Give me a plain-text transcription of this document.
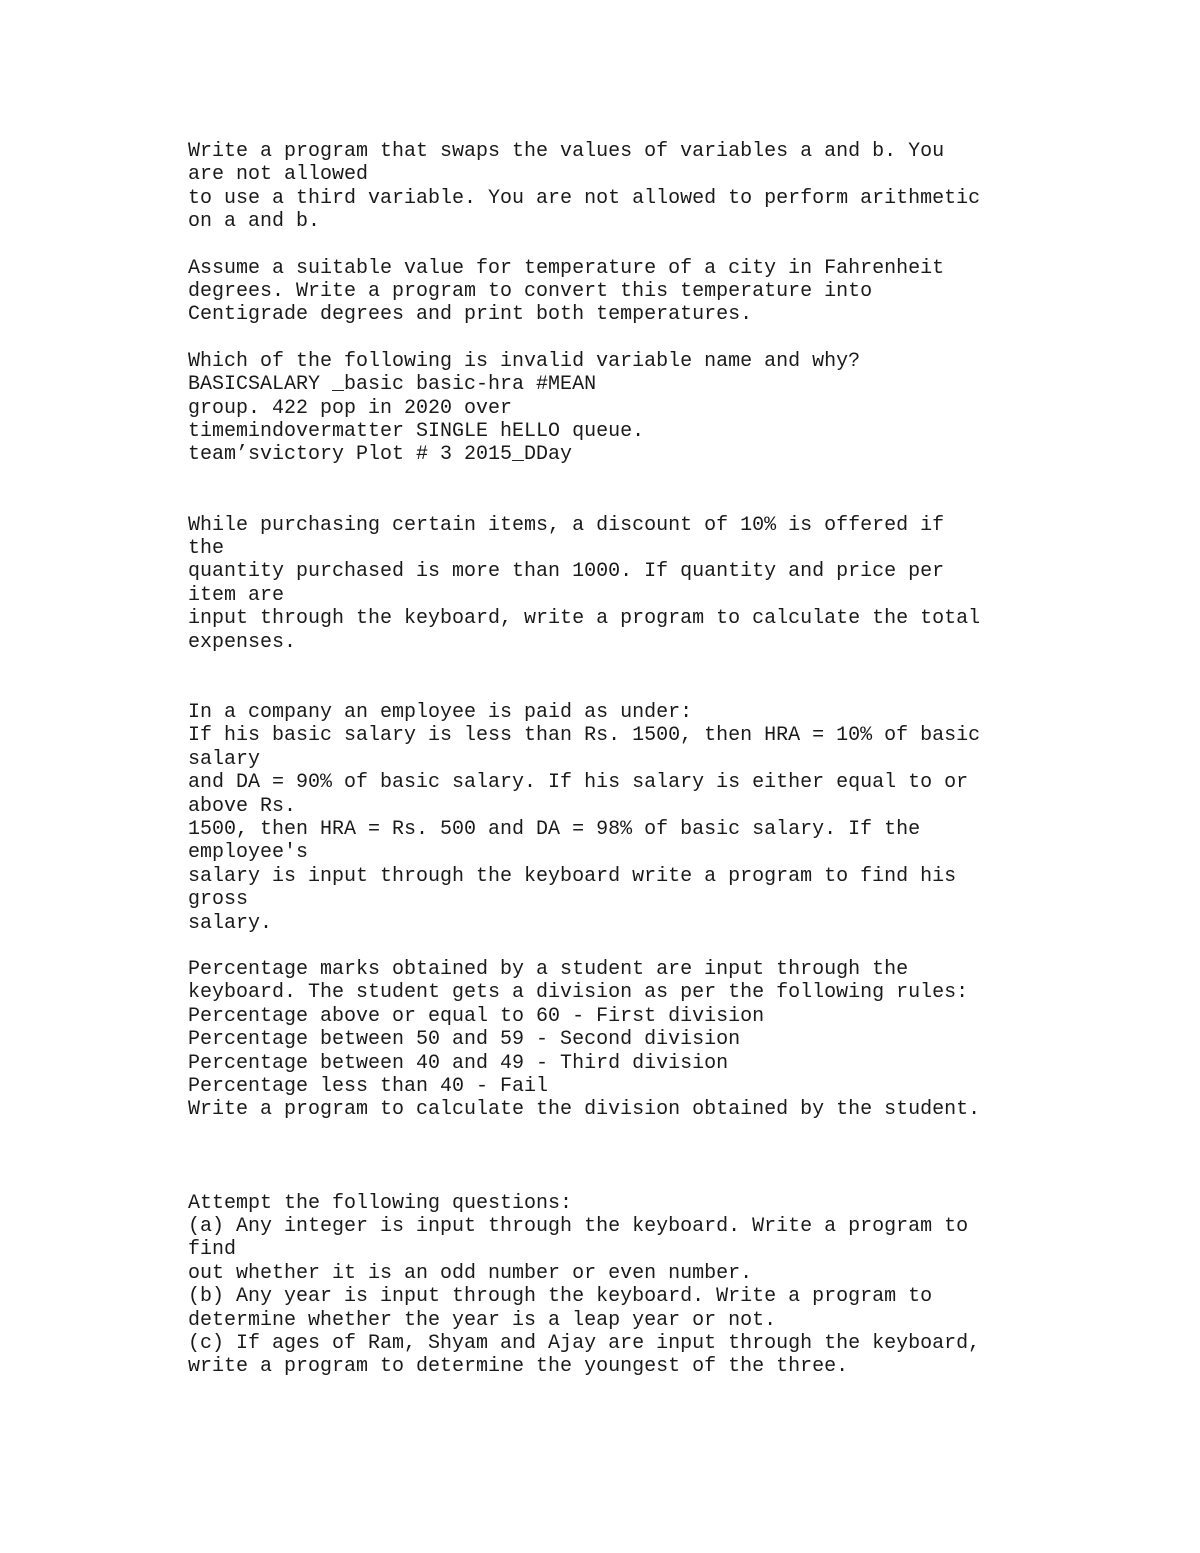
Write a program that swaps the values of variables a and b. You
are not allowed
to use a third variable. You are not allowed to perform arithmetic
on a and b.
Assume a suitable value for temperature of a city in Fahrenheit
degrees. Write a program to convert this temperature into
Centigrade degrees and print both temperatures.
Which of the following is invalid variable name and why?
BASICSALARY _basic basic-hra #MEAN
group. 422 pop in 2020 over
timemindovermatter SINGLE hELLO queue.
team’svictory Plot # 3 2015_DDay
While purchasing certain items, a discount of 10% is offered if
the
quantity purchased is more than 1000. If quantity and price per
item are
input through the keyboard, write a program to calculate the total
expenses.
In a company an employee is paid as under:
If his basic salary is less than Rs. 1500, then HRA = 10% of basic
salary
and DA = 90% of basic salary. If his salary is either equal to or
above Rs.
1500, then HRA = Rs. 500 and DA = 98% of basic salary. If the
employee's
salary is input through the keyboard write a program to find his
gross
salary.
Percentage marks obtained by a student are input through the
keyboard. The student gets a division as per the following rules:
Percentage above or equal to 60 - First division
Percentage between 50 and 59 - Second division
Percentage between 40 and 49 - Third division
Percentage less than 40 - Fail
Write a program to calculate the division obtained by the student.
Attempt the following questions:
(a) Any integer is input through the keyboard. Write a program to
find
out whether it is an odd number or even number.
(b) Any year is input through the keyboard. Write a program to
determine whether the year is a leap year or not.
(c) If ages of Ram, Shyam and Ajay are input through the keyboard,
write a program to determine the youngest of the three.
